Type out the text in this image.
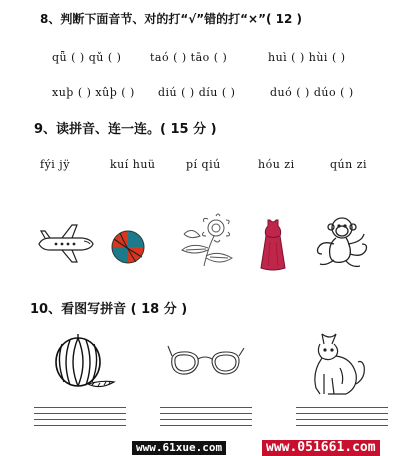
8、判断下面音节、对的打“√”错的打“×”( 12 )
qǖ ( ) qǔ ( )	taó ( ) tāo ( )	huì ( ) hùi ( )
xuþ ( ) xûþ ( ) diú ( ) díu ( )	duó ( ) dúo ( )
9、读拼音、连一连。( 15 分 )
fýi jÿ	kuí huü	pí qiú	hóu zi	qún zi
10、看图写拼音 ( 18 分 )
www.61xue.com	www.051661.com
